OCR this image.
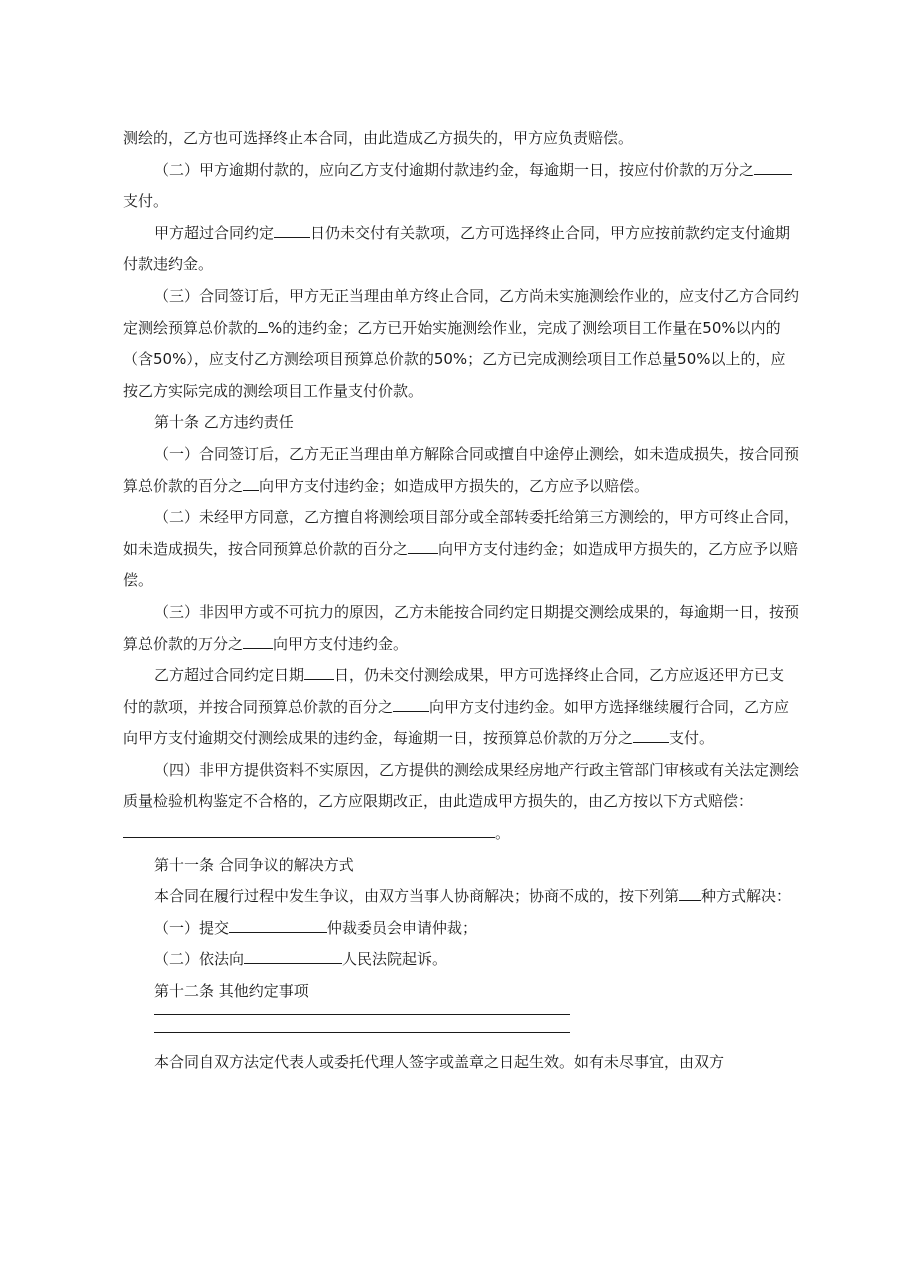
测绘的，乙方也可选择终止本合同，由此造成乙方损失的，甲方应负责赔偿。

（二）甲方逾期付款的，应向乙方支付逾期付款违约金，每逾期一日，按应付价款的万分之支付。

甲方超过合同约定 日仍未交付有关款项，乙方可选择终止合同，甲方应按前款约定支付逾期付款违约金。

（三）合同签订后，甲方无正当理由单方终止合同，乙方尚未实施测绘作业的，应支付乙方合同约定测绘预算总价款的 %的违约金；乙方已开始实施测绘作业，完成了测绘项目工作量在50%以内的（含50%），应支付乙方测绘项目预算总价款的50%；乙方已完成测绘项目工作总量50%以上的，应按乙方实际完成的测绘项目工作量支付价款。

第十条 乙方违约责任

（一）合同签订后，乙方无正当理由单方解除合同或擅自中途停止测绘，如未造成损失，按合同预算总价款的百分之 向甲方支付违约金；如造成甲方损失的，乙方应予以赔偿。

（二）未经甲方同意，乙方擅自将测绘项目部分或全部转委托给第三方测绘的，甲方可终止合同，如未造成损失，按合同预算总价款的百分之 向甲方支付违约金；如造成甲方损失的，乙方应予以赔偿。

（三）非因甲方或不可抗力的原因，乙方未能按合同约定日期提交测绘成果的，每逾期一日，按预算总价款的万分之 向甲方支付违约金。

乙方超过合同约定日期 日，仍未交付测绘成果，甲方可选择终止合同，乙方应返还甲方已支付的款项，并按合同预算总价款的百分之 向甲方支付违约金。如甲方选择继续履行合同，乙方应向甲方支付逾期交付测绘成果的违约金，每逾期一日，按预算总价款的万分之 支付。

（四）非甲方提供资料不实原因，乙方提供的测绘成果经房地产行政主管部门审核或有关法定测绘质量检验机构鉴定不合格的，乙方应限期改正，由此造成甲方损失的，由乙方按以下方式赔偿：。

第十一条 合同争议的解决方式

本合同在履行过程中发生争议，由双方当事人协商解决；协商不成的，按下列第 种方式解决：

（一）提交	仲裁委员会申请仲裁；

（二）依法向	人民法院起诉。

第十二条 其他约定事项

本合同自双方法定代表人或委托代理人签字或盖章之日起生效。如有未尽事宜，由双方
